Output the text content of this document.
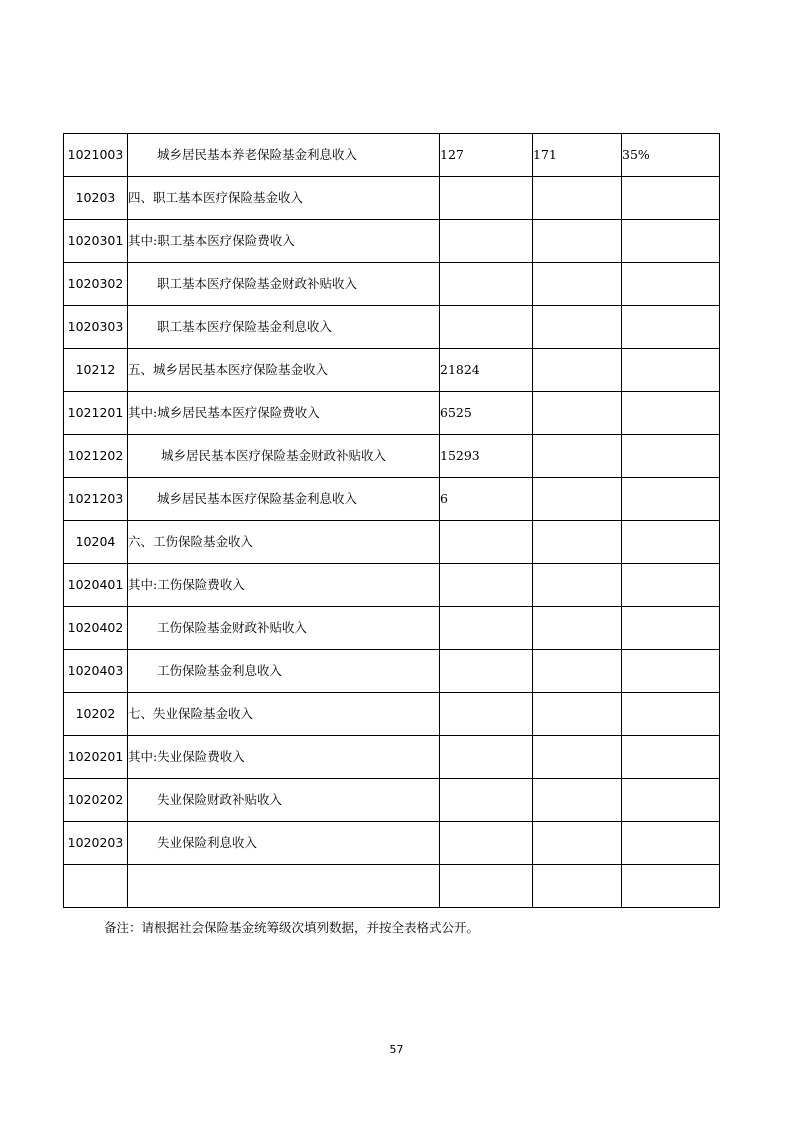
1021003	城乡居民基本养老保险基金利息收入	127	171	35%
10203	四、职工基本医疗保险基金收入			
1020301	其中:职工基本医疗保险费收入			
1020302	职工基本医疗保险基金财政补贴收入			
1020303	职工基本医疗保险基金利息收入			
10212	五、城乡居民基本医疗保险基金收入	21824		
1021201	其中:城乡居民基本医疗保险费收入	6525		
1021202	城乡居民基本医疗保险基金财政补贴收入	15293		
1021203	城乡居民基本医疗保险基金利息收入	6		
10204	六、工伤保险基金收入			
1020401	其中:工伤保险费收入			
1020402	工伤保险基金财政补贴收入			
1020403	工伤保险基金利息收入			
10202	七、失业保险基金收入			
1020201	其中:失业保险费收入			
1020202	失业保险财政补贴收入			
1020203	失业保险利息收入			

备注：请根据社会保险基金统筹级次填列数据，并按全表格式公开。
57
